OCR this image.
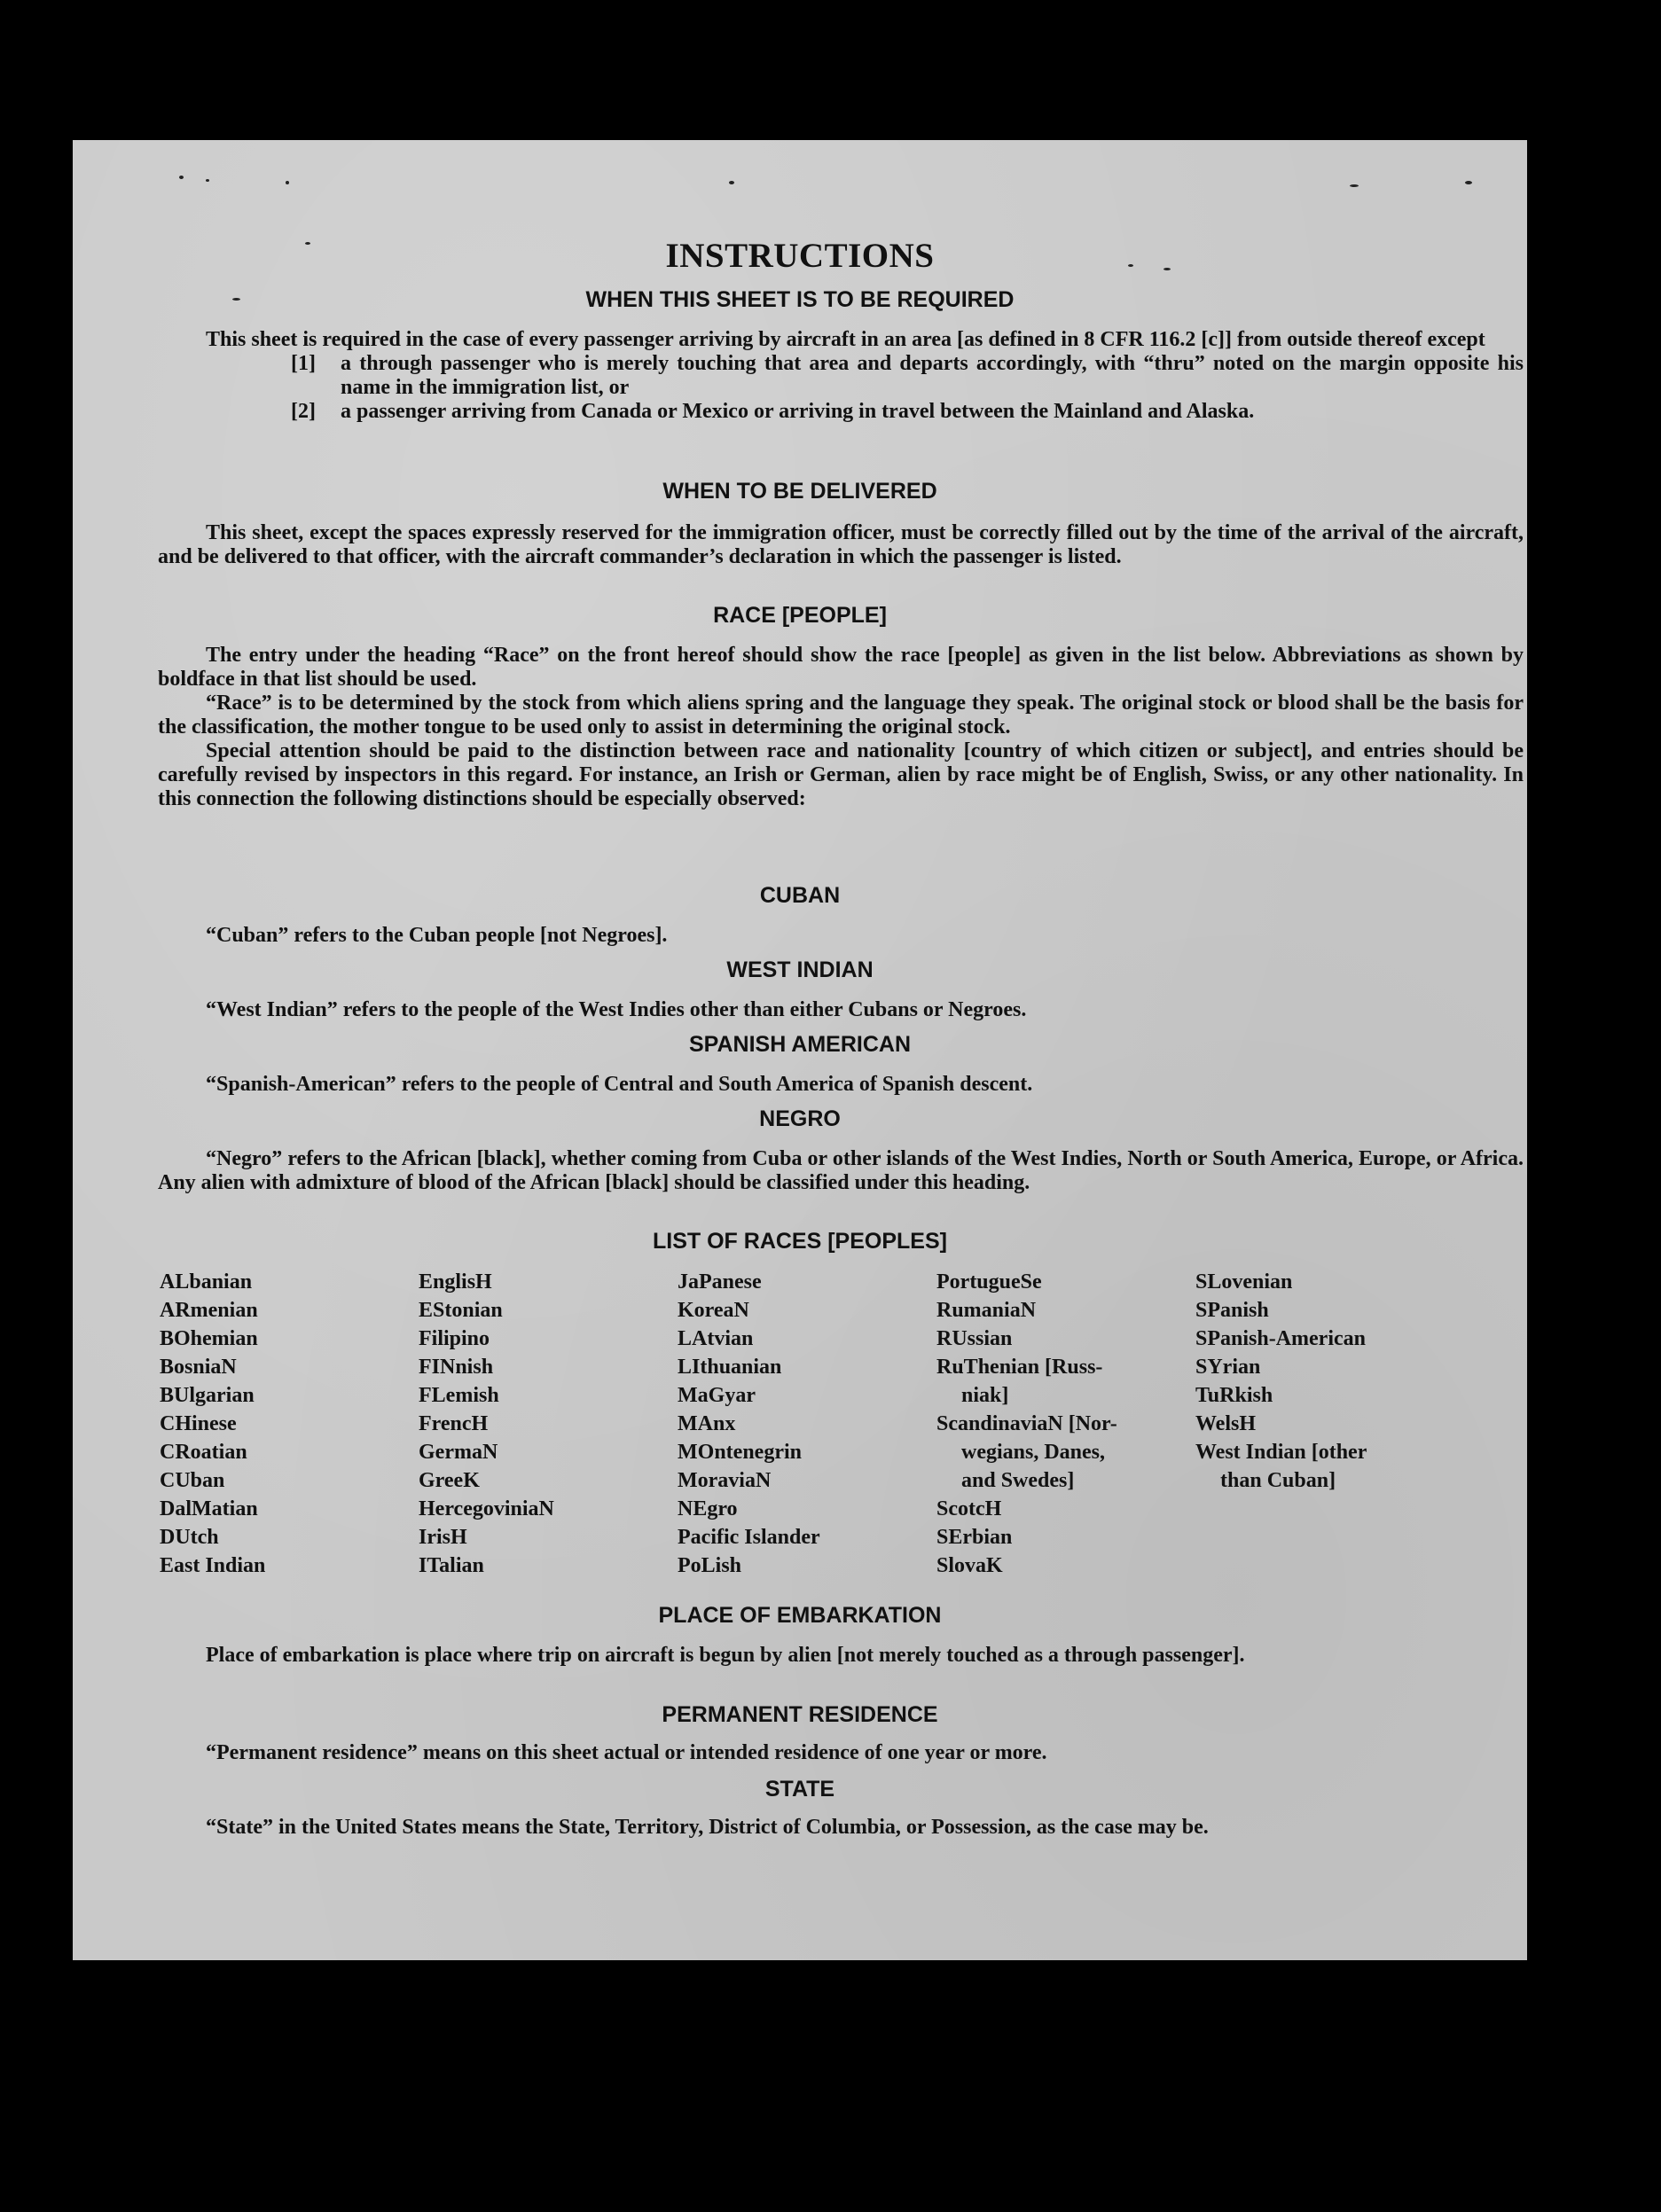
INSTRUCTIONS
WHEN THIS SHEET IS TO BE REQUIRED

This sheet is required in the case of every passenger arriving by aircraft in an area [as defined in 8 CFR 116.2 [c]] from outside thereof except

[1]	a through passenger who is merely touching that area and departs accordingly, with “thru” noted on the margin opposite his name in the immigration list, or
[2]	a passenger arriving from Canada or Mexico or arriving in travel between the Mainland and Alaska.
WHEN TO BE DELIVERED

This sheet, except the spaces expressly reserved for the immigration officer, must be correctly filled out by the time of the arrival of the aircraft, and be delivered to that officer, with the aircraft commander’s declaration in which the passenger is listed.

RACE [PEOPLE]

The entry under the heading “Race” on the front hereof should show the race [people] as given in the list below. Abbreviations as shown by boldface in that list should be used.

“Race” is to be determined by the stock from which aliens spring and the language they speak. The original stock or blood shall be the basis for the classification, the mother tongue to be used only to assist in determining the original stock.

Special attention should be paid to the distinction between race and nationality [country of which citizen or subject], and entries should be carefully revised by inspectors in this regard. For instance, an Irish or German, alien by race might be of English, Swiss, or any other nationality. In this connection the following distinctions should be especially observed:

CUBAN

“Cuban” refers to the Cuban people [not Negroes].

WEST INDIAN

“West Indian” refers to the people of the West Indies other than either Cubans or Negroes.

SPANISH AMERICAN

“Spanish-American” refers to the people of Central and South America of Spanish descent.

NEGRO

“Negro” refers to the African [black], whether coming from Cuba or other islands of the West Indies, North or South America, Europe, or Africa. Any alien with admixture of blood of the African [black] should be classified under this heading.

LIST OF RACES [PEOPLES]
ALbanian
ARmenian
BOhemian
BosniaN
BUlgarian
CHinese
CRoatian
CUban
DalMatian
DUtch
East Indian
EnglisH
EStonian
Filipino
FINnish
FLemish
FrencH
GermaN
GreeK
HercegoviniaN
IrisH
ITalian
JaPanese
KoreaN
LAtvian
LIthuanian
MaGyar
MAnx
MOntenegrin
MoraviaN
NEgro
Pacific Islander
PoLish
PortugueSe
RumaniaN
RUssian
RuThenian [Russ-
niak]
ScandinaviaN [Nor-
wegians, Danes,
and Swedes]
ScotcH
SErbian
SlovaK
SLovenian
SPanish
SPanish-American
SYrian
TuRkish
WelsH
West Indian [other
than Cuban]
PLACE OF EMBARKATION

Place of embarkation is place where trip on aircraft is begun by alien [not merely touched as a through passenger].

PERMANENT RESIDENCE

“Permanent residence” means on this sheet actual or intended residence of one year or more.

STATE

“State” in the United States means the State, Territory, District of Columbia, or Possession, as the case may be.
